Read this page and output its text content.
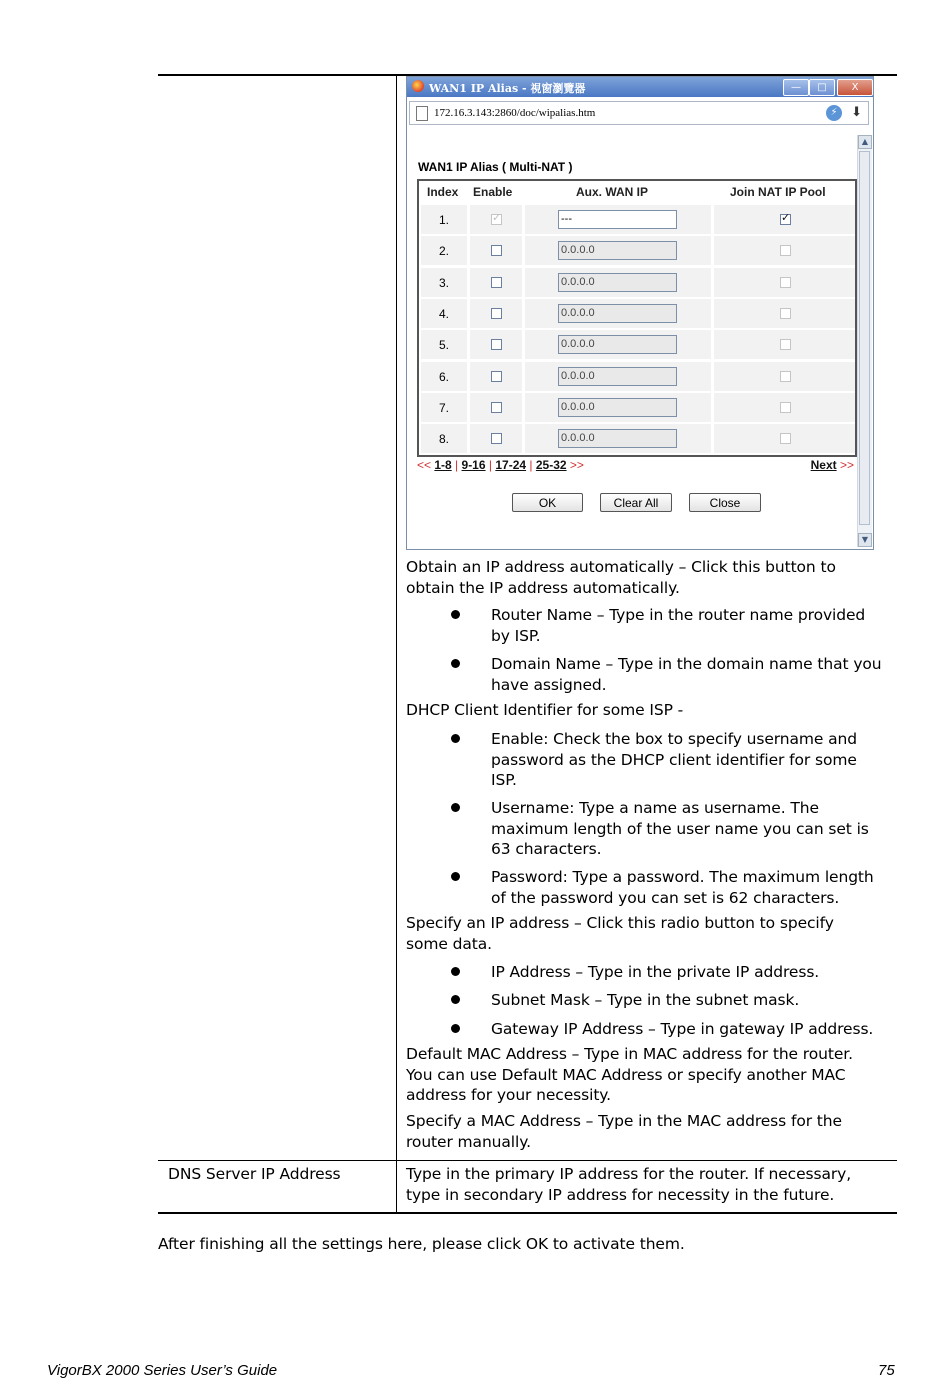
WAN1 IP Alias - 視窗瀏覽器	—	□	X
172.16.3.143:2860/doc/wipalias.htm	⚡	⬇
▲
▼
WAN1 IP Alias ( Multi-NAT )
Index Enable	Aux. WAN IP	Join NAT IP Pool
1.
✓	---
✓
2.	0.0.0.0
3.	0.0.0.0
4.	0.0.0.0
5.	0.0.0.0
6.	0.0.0.0
7.	0.0.0.0
8.	0.0.0.0
<< 1-8 | 9-16 | 17-24 | 25-32 >>	Next >>
OK	Clear All	Close
Obtain an IP address automatically – Click this button to
obtain the IP address automatically.
Router Name – Type in the router name provided
by ISP.
Domain Name – Type in the domain name that you
have assigned.
DHCP Client Identifier for some ISP -
Enable: Check the box to specify username and
password as the DHCP client identifier for some
ISP.
Username: Type a name as username. The
maximum length of the user name you can set is
63 characters.
Password: Type a password. The maximum length
of the password you can set is 62 characters.
Specify an IP address – Click this radio button to specify
some data.
IP Address – Type in the private IP address.
Subnet Mask – Type in the subnet mask.
Gateway IP Address – Type in gateway IP address.
Default MAC Address – Type in MAC address for the router.
You can use Default MAC Address or specify another MAC
address for your necessity.
Specify a MAC Address – Type in the MAC address for the
router manually.
DNS Server IP Address	Type in the primary IP address for the router. If necessary,
type in secondary IP address for necessity in the future.
After finishing all the settings here, please click OK to activate them.
VigorBX 2000 Series User’s Guide	75
